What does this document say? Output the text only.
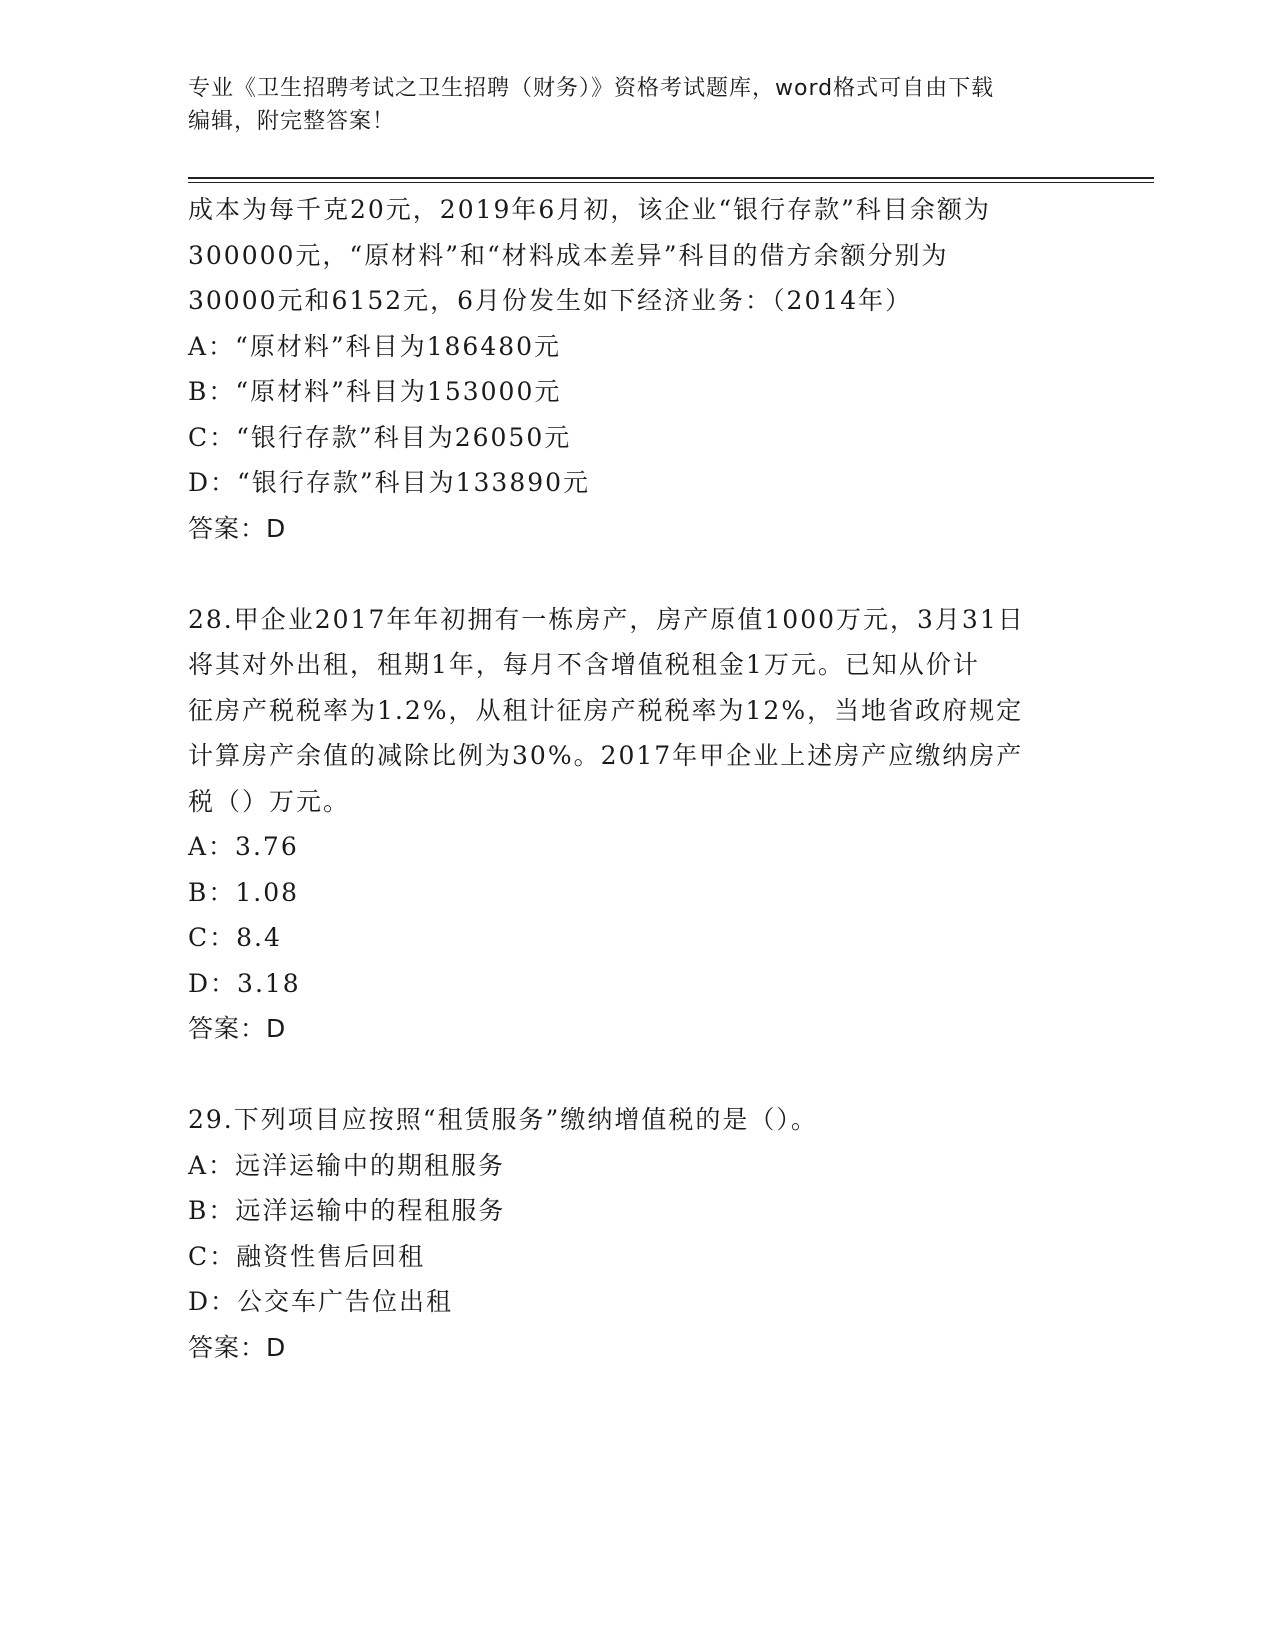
专业《卫生招聘考试之卫生招聘（财务）》资格考试题库，word格式可自由下载
编辑，附完整答案！
成本为每千克20元，2019年6月初，该企业“银行存款”科目余额为
300000元，“原材料”和“材料成本差异”科目的借方余额分别为
30000元和6152元，6月份发生如下经济业务：（2014年）
A：“原材料”科目为186480元
B：“原材料”科目为153000元
C：“银行存款”科目为26050元
D：“银行存款”科目为133890元
答案：D
28.甲企业2017年年初拥有一栋房产，房产原值1000万元，3月31日
将其对外出租，租期1年，每月不含增值税租金1万元。已知从价计
征房产税税率为1.2%，从租计征房产税税率为12%，当地省政府规定
计算房产余值的减除比例为30%。2017年甲企业上述房产应缴纳房产
税（）万元。
A：3.76
B：1.08
C：8.4
D：3.18
答案：D
29.下列项目应按照“租赁服务”缴纳增值税的是（）。
A：远洋运输中的期租服务
B：远洋运输中的程租服务
C：融资性售后回租
D：公交车广告位出租
答案：D
